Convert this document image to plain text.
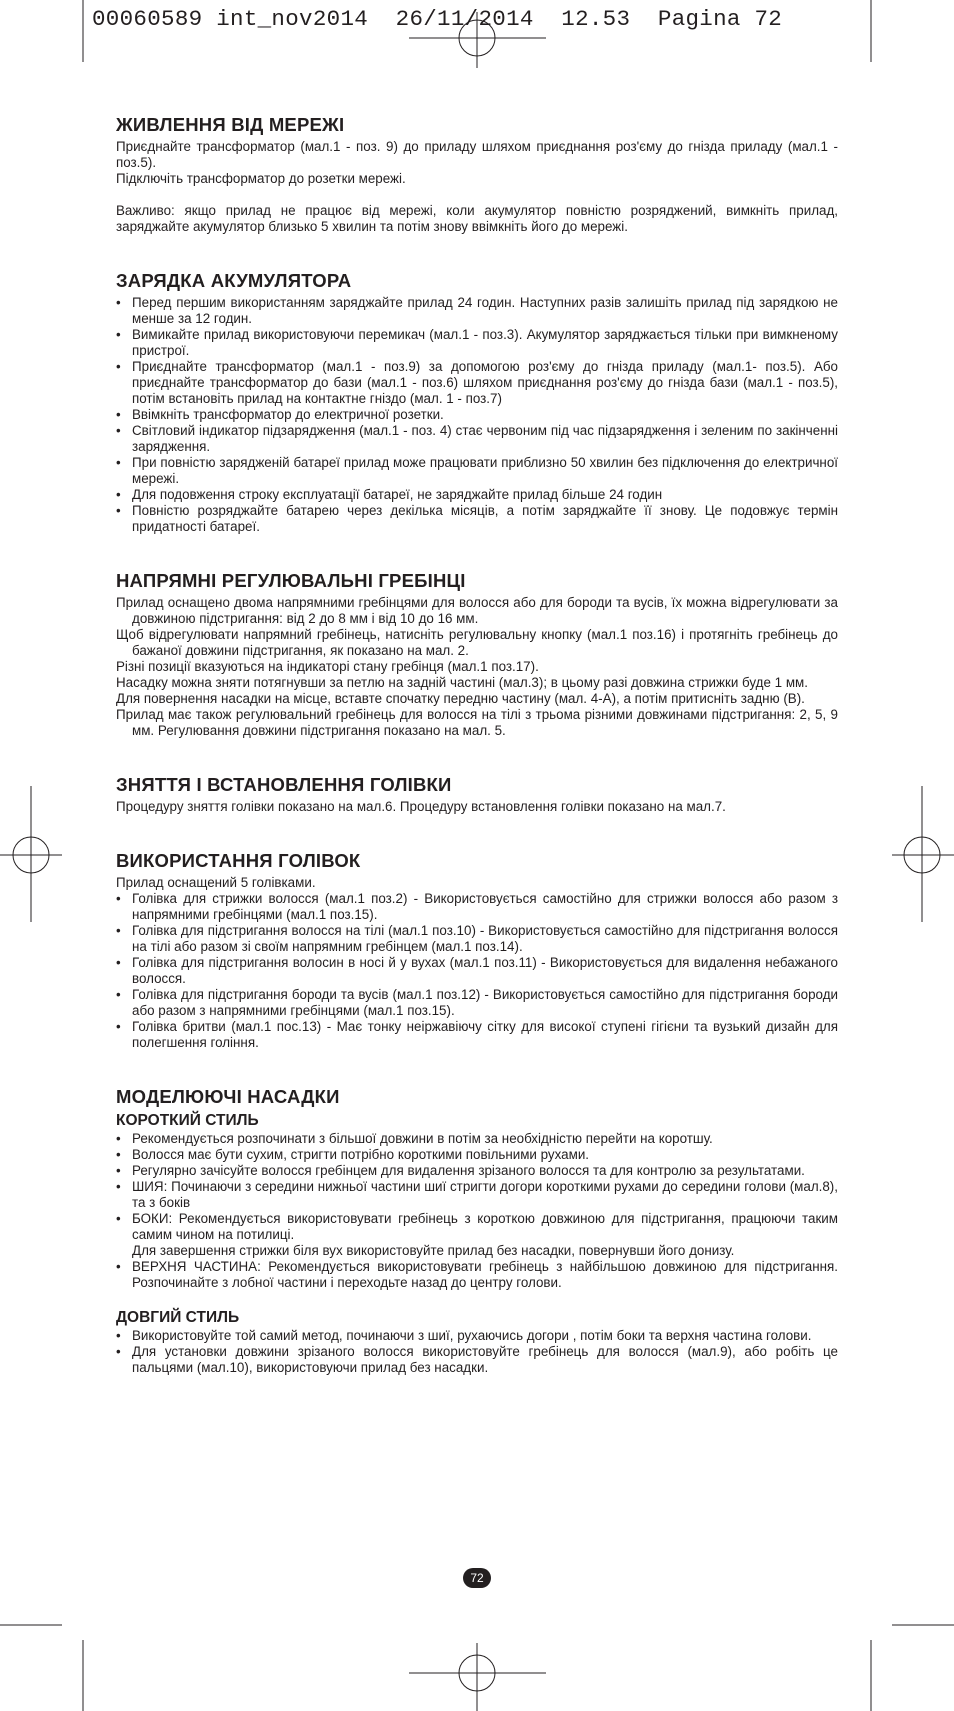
00060589 int_nov2014  26/11/2014  12.53  Pagina 72
ЖИВЛЕННЯ ВІД МЕРЕЖІ

Приєднайте трансформатор (мал.1 - поз. 9) до приладу шляхом приєднання роз'єму до гнізда приладу (мал.1 - поз.5).

Підключіть трансформатор до розетки мережі.

Важливо: якщо прилад не працює від мережі, коли акумулятор повністю розряджений, вимкніть прилад, заряджайте акумулятор близько 5 хвилин та потім знову ввімкніть його до мережі.

ЗАРЯДКА АКУМУЛЯТОРА
• Перед першим використанням заряджайте прилад 24 годин. Наступних разів залишіть прилад під зарядкою не менше за 12 годин.
• Вимикайте прилад використовуючи перемикач (мал.1 - поз.3). Акумулятор заряджається тільки при вимкненому пристрої.
• Приєднайте трансформатор (мал.1 - поз.9) за допомогою роз'єму до гнізда приладу (мал.1- поз.5). Або приєднайте трансформатор до бази (мал.1 - поз.6) шляхом приєднання роз'єму до гнізда бази (мал.1 - поз.5), потім встановіть прилад на контактне гніздо (мал. 1 - поз.7)
• Ввімкніть трансформатор до електричної розетки.
• Світловий індикатор підзарядження (мал.1 - поз. 4) стає червоним під час підзарядження і зеленим по закінченні зарядження.
• При повністю зарядженій батареї прилад може працювати приблизно 50 хвилин без підключення до електричної мережі.
• Для подовження строку експлуатації батареї, не заряджайте прилад більше 24 годин
• Повністю розряджайте батарею через декілька місяців, а потім заряджайте її знову. Це подовжує термін придатності батареї.
НАПРЯМНІ РЕГУЛЮВАЛЬНІ ГРЕБІНЦІ

Прилад оснащено двома напрямними гребінцями для волосся або для бороди та вусів, їх можна відрегулювати за довжиною підстригання: від 2 до 8 мм і від 10 до 16 мм.

Щоб відрегулювати напрямний гребінець, натисніть регулювальну кнопку (мал.1 поз.16) і протягніть гребінець до бажаної довжини підстригання, як показано на мал. 2.

Різні позиції вказуються на індикаторі стану гребінця (мал.1 поз.17).

Насадку можна зняти потягнувши за петлю на задній частині (мал.3); в цьому разі довжина стрижки буде 1 мм.

Для повернення насадки на місце, вставте спочатку передню частину (мал. 4-А), а потім притисніть задню (В).

Прилад має також регулювальний гребінець для волосся на тілі з трьома різними довжинами підстригання: 2, 5, 9 мм. Регулювання довжини підстригання показано на мал. 5.

ЗНЯТТЯ І ВСТАНОВЛЕННЯ ГОЛІВКИ

Процедуру зняття голівки показано на мал.6. Процедуру встановлення голівки показано на мал.7.

ВИКОРИСТАННЯ ГОЛІВОК

Прилад оснащений 5 голівками.

• Голівка для стрижки волосся (мал.1 поз.2) - Використовується самостійно для стрижки волосся або разом з напрямними гребінцями (мал.1 поз.15).
• Голівка для підстригання волосся на тілі (мал.1 поз.10) - Використовується самостійно для підстригання волосся на тілі або разом зі своїм напрямним гребінцем (мал.1 поз.14).
• Голівка для підстригання волосин в носі й у вухах (мал.1 поз.11) - Використовується для видалення небажаного волосся.
• Голівка для підстригання бороди та вусів (мал.1 поз.12) - Використовується самостійно для підстригання бороди або разом з напрямними гребінцями (мал.1 поз.15).
• Голівка бритви (мал.1 пос.13) - Має тонку неіржавіючу сітку для високої ступені гігієни та вузький дизайн для полегшення гоління.
МОДЕЛЮЮЧІ НАСАДКИ
КОРОТКИЙ СТИЛЬ
• Рекомендується розпочинати з більшої довжини в потім за необхідністю перейти на коротшу.
• Волосся має бути сухим, стригти потрібно короткими повільними рухами.
• Регулярно зачісуйте волосся гребінцем для видалення зрізаного волосся та для контролю за результатами.
• ШИЯ: Починаючи з середини нижньої частини шиї стригти догори короткими рухами до середини голови (мал.8), та з боків
• БОКИ: Рекомендується використовувати гребінець з короткою довжиною для підстригання, працюючи таким самим чином на потилиці.

Для завершення стрижки біля вух використовуйте прилад без насадки, повернувши його донизу.

• ВЕРХНЯ ЧАСТИНА: Рекомендується використовувати гребінець з найбільшою довжиною для підстригання. Розпочинайте з лобної частини і переходьте назад до центру голови.
ДОВГИЙ СТИЛЬ
• Використовуйте той самий метод, починаючи з шиї, рухаючись догори , потім боки та верхня частина голови.
• Для установки довжини зрізаного волосся використовуйте гребінець для волосся (мал.9), або робіть це пальцями (мал.10), використовуючи прилад без насадки.
72
